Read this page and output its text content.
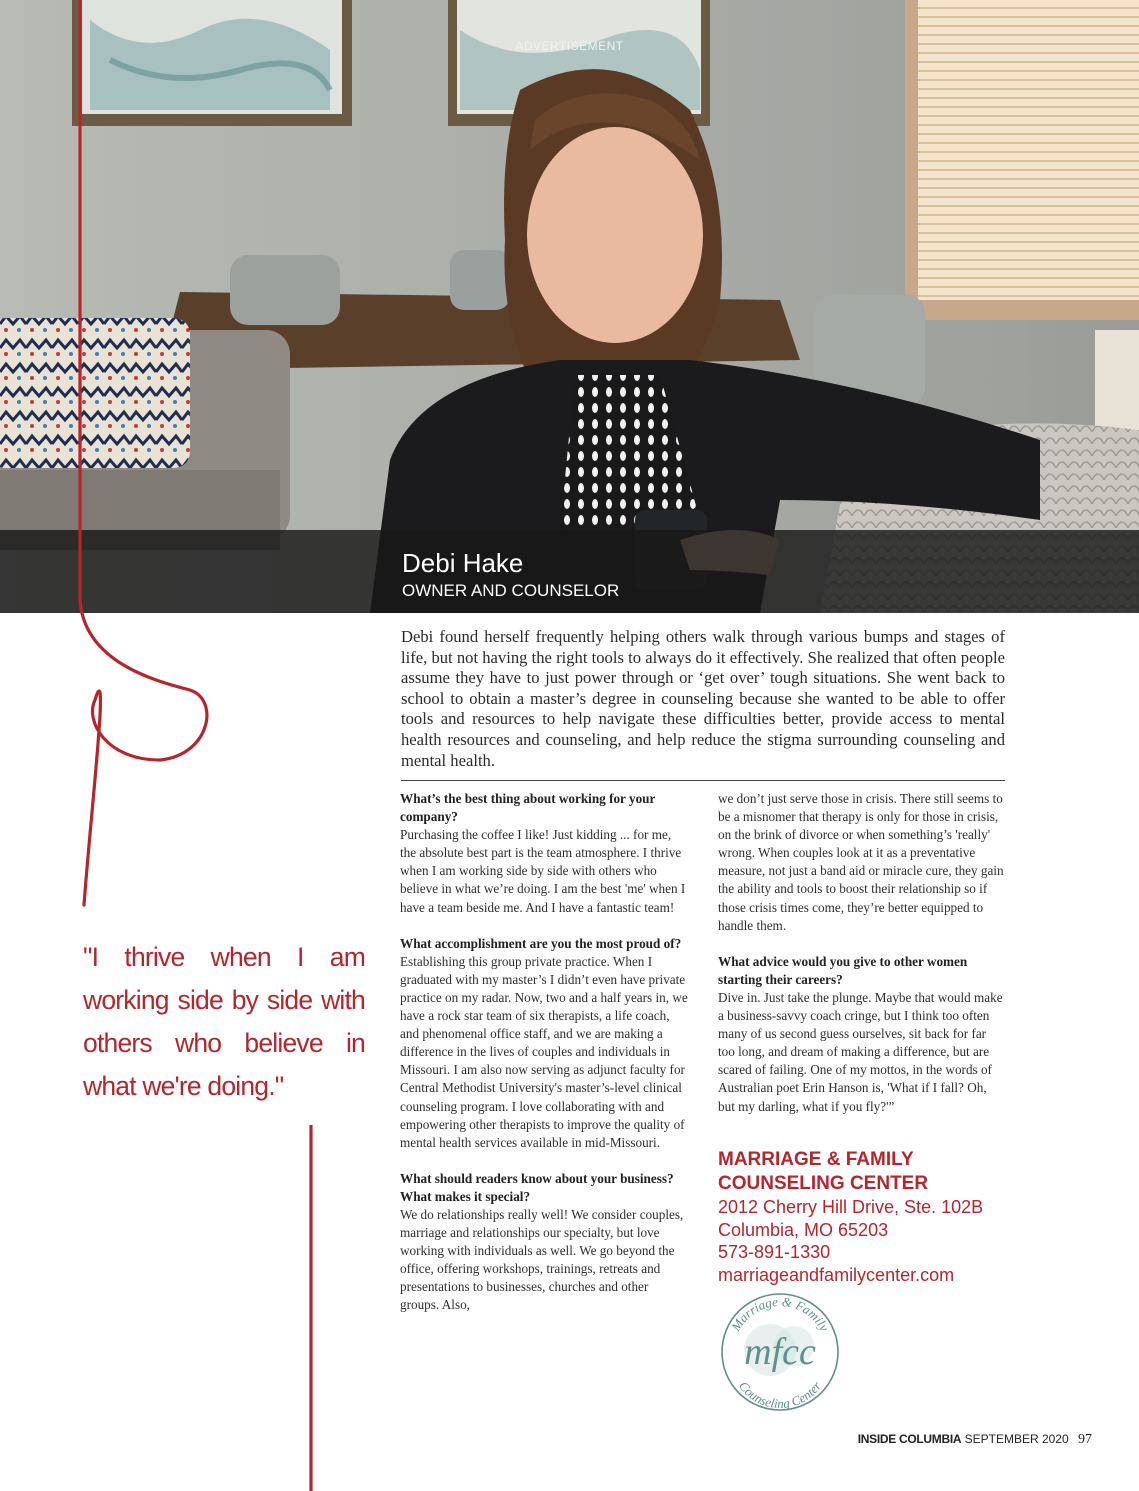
ADVERTISEMENT
Debi Hake
OWNER AND COUNSELOR

Debi found herself frequently helping others walk through various bumps and stages of life, but not having the right tools to always do it effectively. She realized that often people assume they have to just power through or ‘get over’ tough situations. She went back to school to obtain a master’s degree in counseling because she wanted to be able to offer tools and resources to help navigate these difficulties better, provide access to mental health resources and counseling, and help reduce the stigma surrounding counseling and mental health.

What’s the best thing about working for your company?

Purchasing the coffee I like! Just kidding ... for me, the absolute best part is the team atmosphere. I thrive when I am working side by side with others who believe in what we’re doing. I am the best 'me' when I have a team beside me. And I have a fantastic team!

What accomplishment are you the most proud of?

Establishing this group private practice. When I graduated with my master’s I didn’t even have private practice on my radar. Now, two and a half years in, we have a rock star team of six therapists, a life coach, and phenomenal office staff, and we are making a difference in the lives of couples and individuals in Missouri. I am also now serving as adjunct faculty for Central Methodist University's master’s-level clinical counseling program. I love collaborating with and empowering other therapists to improve the quality of mental health services available in mid-Missouri.

What should readers know about your business? What makes it special?

We do relationships really well! We consider couples, marriage and relationships our specialty, but love working with individuals as well. We go beyond the office, offering workshops, trainings, retreats and presentations to businesses, churches and other groups. Also,

we don’t just serve those in crisis. There still seems to be a misnomer that therapy is only for those in crisis, on the brink of divorce or when something’s 'really' wrong. When couples look at it as a preventative measure, not just a band aid or miracle cure, they gain the ability and tools to boost their relationship so if those crisis times come, they’re better equipped to handle them.

What advice would you give to other women starting their careers?

Dive in. Just take the plunge. Maybe that would make a business-savvy coach cringe, but I think too often many of us second guess ourselves, sit back for far too long, and dream of making a difference, but are scared of failing. One of my mottos, in the words of Australian poet Erin Hanson is, 'What if I fall? Oh, but my darling, what if you fly?'”

"I thrive when I am working side by side with others who believe in what we're doing."

MARRIAGE & FAMILY
COUNSELING CENTER
2012 Cherry Hill Drive, Ste. 102B
Columbia, MO 65203
573-891-1330
marriageandfamilycenter.com
Marriage & Family
mfcc
Counseling Center
INSIDE COLUMBIA SEPTEMBER 2020 97
